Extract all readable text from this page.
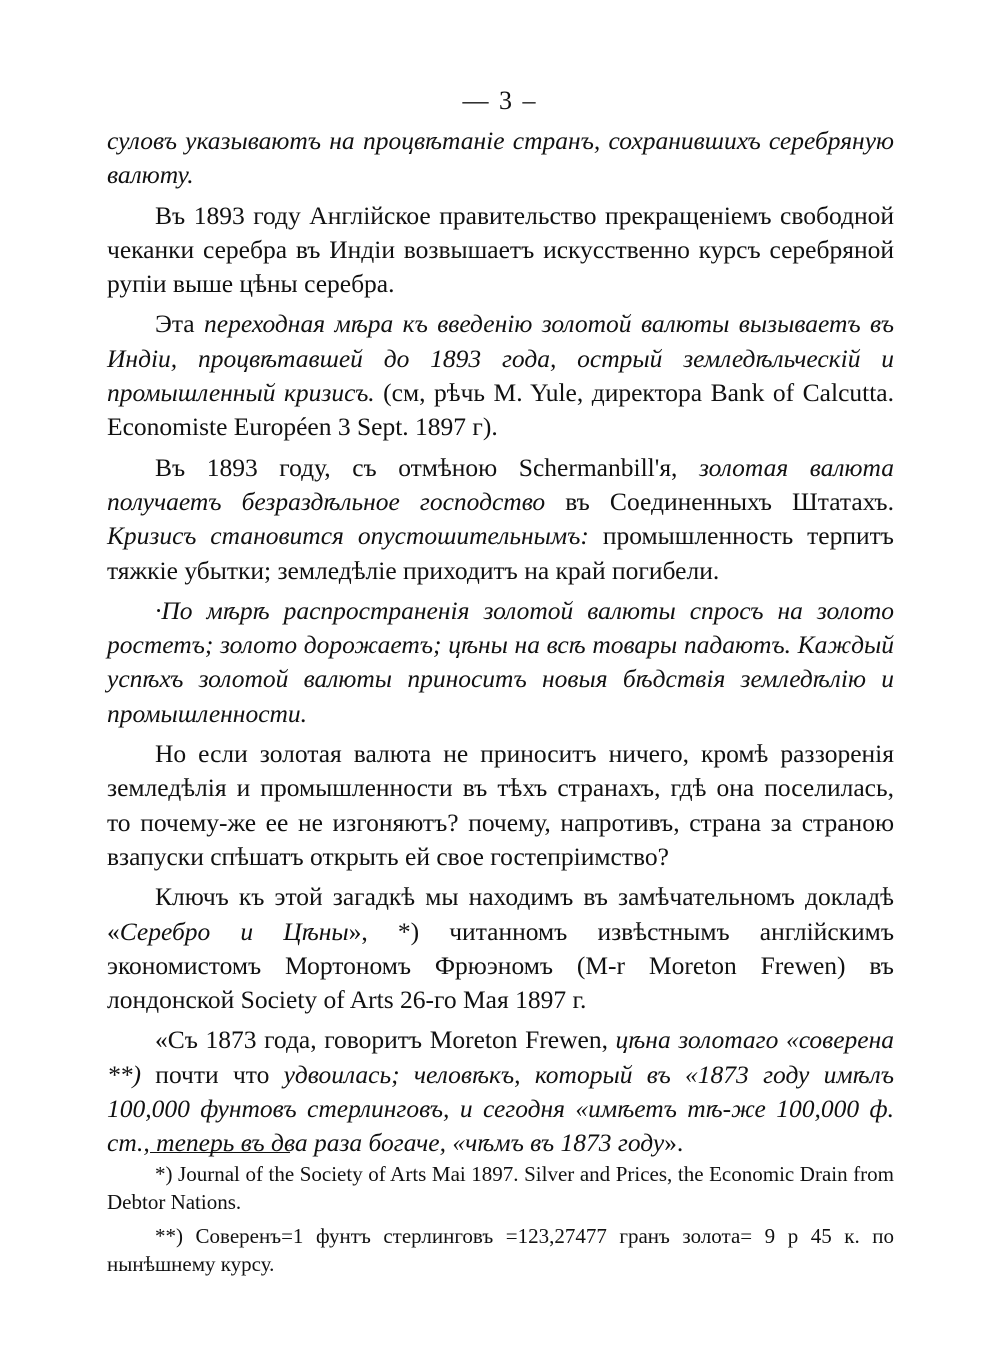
— 3 –

суловъ указываютъ на процвѣтаніе странъ, сохранившихъ серебряную валюту.

Въ 1893 году Англійское правительство прекращеніемъ свободной чеканки серебра въ Индіи возвышаетъ искусственно курсъ серебряной рупіи выше цѣны серебра.

Эта переходная мѣра къ введенію золотой валюты вызываетъ въ Индіи, процвѣтавшей до 1893 года, острый земледѣльческій и промышленный кризисъ. (см, рѣчь M. Yule, директора Bank of Calcutta. Economiste Européen 3 Sept. 1897 г).

Въ 1893 году, съ отмѣною Schermanbill'я, золотая валюта получаетъ безраздѣльное господство въ Соединенныхъ Штатахъ. Кризисъ становится опустошительнымъ: промышленность терпитъ тяжкіе убытки; земледѣліе приходитъ на край погибели.

·По мѣрѣ распространенія золотой валюты спросъ на золото ростетъ; золото дорожаетъ; цѣны на всѣ товары падаютъ. Каждый успѣхъ золотой валюты приноситъ новыя бѣдствія земледѣлію и промышленности.

Но если золотая валюта не приноситъ ничего, кромѣ раззоренія земледѣлія и промышленности въ тѣхъ странахъ, гдѣ она поселилась, то почему-же ее не изгоняютъ? почему, напротивъ, страна за страною взапуски спѣшатъ открыть ей свое гостепріимство?

Ключъ къ этой загадкѣ мы находимъ въ замѣчательномъ докладѣ «Серебро и Цѣны», *) читанномъ извѣстнымъ англійскимъ экономистомъ Мортономъ Фрюэномъ (M-r Moreton Frewen) въ лондонской Society of Arts 26-го Мая 1897 г.

«Съ 1873 года, говоритъ Moreton Frewen, цѣна золотаго «соверена **) почти что удвоилась; человѣкъ, который въ «1873 году имѣлъ 100,000 фунтовъ стерлинговъ, и сегодня «имѣетъ тѣ-же 100,000 ф. ст., теперь въ два раза богаче, «чѣмъ въ 1873 году».

*) Journal of the Society of Arts Mai 1897. Silver and Prices, the Economic Drain from Debtor Nations.

**) Совеpенъ=1 фунтъ стерлинговъ =123,27477 гранъ золота= 9 р 45 к. по нынѣшнему курсу.
